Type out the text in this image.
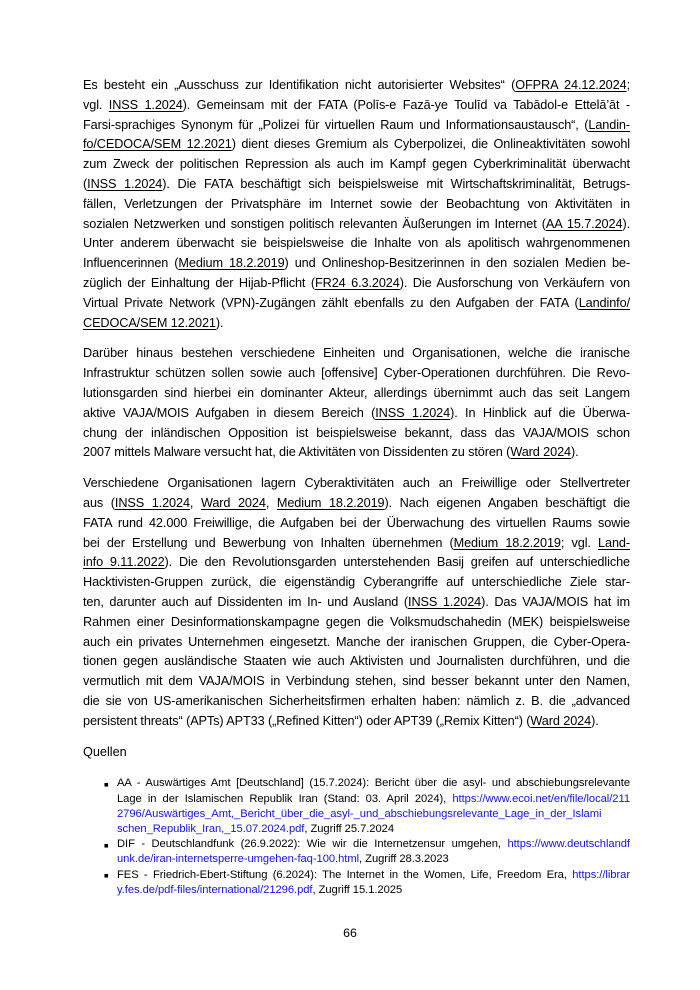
Es besteht ein „Ausschuss zur Identifikation nicht autorisierter Websites“ (OFPRA 24.12.2024;
vgl. INSS 1.2024). Gemeinsam mit der FATA (Polīs-e Fazā-ye Toulīd va Tabādol-e Ettelā’āt -
Farsi-sprachiges Synonym für „Polizei für virtuellen Raum und Informationsaustausch“, (Landin-
fo/CEDOCA/SEM 12.2021) dient dieses Gremium als Cyberpolizei, die Onlineaktivitäten sowohl
zum Zweck der politischen Repression als auch im Kampf gegen Cyberkriminalität überwacht
(INSS 1.2024). Die FATA beschäftigt sich beispielsweise mit Wirtschaftskriminalität, Betrugs-
fällen, Verletzungen der Privatsphäre im Internet sowie der Beobachtung von Aktivitäten in
sozialen Netzwerken und sonstigen politisch relevanten Äußerungen im Internet (AA 15.7.2024).
Unter anderem überwacht sie beispielsweise die Inhalte von als apolitisch wahrgenommenen
Influencerinnen (Medium 18.2.2019) und Onlineshop-Besitzerinnen in den sozialen Medien be-
züglich der Einhaltung der Hijab-Pflicht (FR24 6.3.2024). Die Ausforschung von Verkäufern von
Virtual Private Network (VPN)-Zugängen zählt ebenfalls zu den Aufgaben der FATA (Landinfo/
CEDOCA/SEM 12.2021).
Darüber hinaus bestehen verschiedene Einheiten und Organisationen, welche die iranische
Infrastruktur schützen sollen sowie auch [offensive] Cyber-Operationen durchführen. Die Revo-
lutionsgarden sind hierbei ein dominanter Akteur, allerdings übernimmt auch das seit Langem
aktive VAJA/MOIS Aufgaben in diesem Bereich (INSS 1.2024). In Hinblick auf die Überwa-
chung der inländischen Opposition ist beispielsweise bekannt, dass das VAJA/MOIS schon
2007 mittels Malware versucht hat, die Aktivitäten von Dissidenten zu stören (Ward 2024).
Verschiedene Organisationen lagern Cyberaktivitäten auch an Freiwillige oder Stellvertreter
aus (INSS 1.2024, Ward 2024, Medium 18.2.2019). Nach eigenen Angaben beschäftigt die
FATA rund 42.000 Freiwillige, die Aufgaben bei der Überwachung des virtuellen Raums sowie
bei der Erstellung und Bewerbung von Inhalten übernehmen (Medium 18.2.2019; vgl. Land-
info 9.11.2022). Die den Revolutionsgarden unterstehenden Basij greifen auf unterschiedliche
Hacktivisten-Gruppen zurück, die eigenständig Cyberangriffe auf unterschiedliche Ziele star-
ten, darunter auch auf Dissidenten im In- und Ausland (INSS 1.2024). Das VAJA/MOIS hat im
Rahmen einer Desinformationskampagne gegen die Volksmudschahedin (MEK) beispielsweise
auch ein privates Unternehmen eingesetzt. Manche der iranischen Gruppen, die Cyber-Opera-
tionen gegen ausländische Staaten wie auch Aktivisten und Journalisten durchführen, und die
vermutlich mit dem VAJA/MOIS in Verbindung stehen, sind besser bekannt unter den Namen,
die sie von US-amerikanischen Sicherheitsfirmen erhalten haben: nämlich z. B. die „advanced
persistent threats“ (APTs) APT33 („Refined Kitten“) oder APT39 („Remix Kitten“) (Ward 2024).
Quellen
■ AA - Auswärtiges Amt [Deutschland] (15.7.2024): Bericht über die asyl- und abschiebungsrelevante
Lage in der Islamischen Republik Iran (Stand: 03. April 2024), https://www.ecoi.net/en/file/local/211
2796/Auswärtiges_Amt,_Bericht_über_die_asyl-_und_abschiebungsrelevante_Lage_in_der_Islami
schen_Republik_Iran,_15.07.2024.pdf, Zugriff 25.7.2024
■ DIF - Deutschlandfunk (26.9.2022): Wie wir die Internetzensur umgehen, https://www.deutschlandf
unk.de/iran-internetsperre-umgehen-faq-100.html, Zugriff 28.3.2023
■ FES - Friedrich-Ebert-Stiftung (6.2024): The Internet in the Women, Life, Freedom Era, https://librar
y.fes.de/pdf-files/international/21296.pdf, Zugriff 15.1.2025
66
